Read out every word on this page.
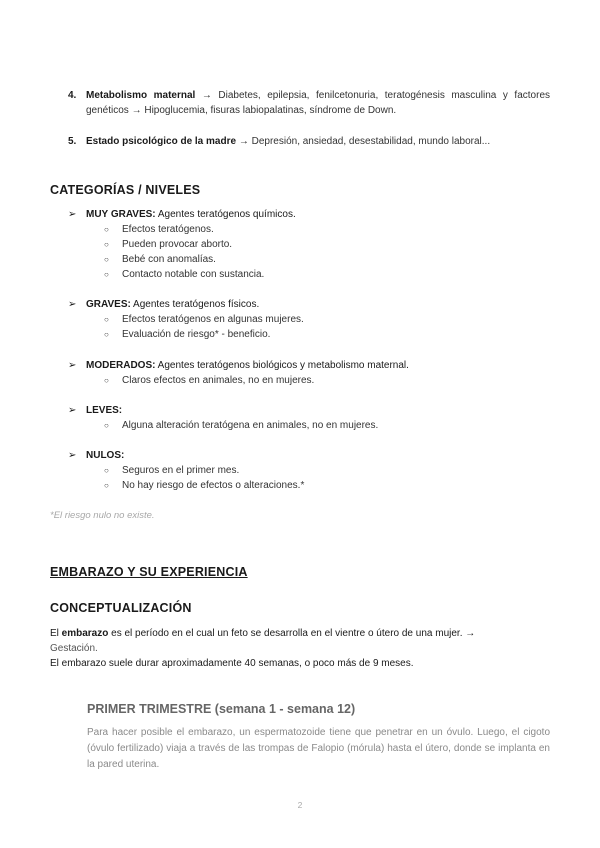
4. Metabolismo maternal → Diabetes, epilepsia, fenilcetonuria, teratogénesis masculina y factores genéticos → Hipoglucemia, fisuras labiopalatinas, síndrome de Down.
5. Estado psicológico de la madre → Depresión, ansiedad, desestabilidad, mundo laboral...
CATEGORÍAS / NIVELES
➢ MUY GRAVES: Agentes teratógenos químicos.
○ Efectos teratógenos.
○ Pueden provocar aborto.
○ Bebé con anomalías.
○ Contacto notable con sustancia.
➢ GRAVES: Agentes teratógenos físicos.
○ Efectos teratógenos en algunas mujeres.
○ Evaluación de riesgo* - beneficio.
➢ MODERADOS: Agentes teratógenos biológicos y metabolismo maternal.
○ Claros efectos en animales, no en mujeres.
➢ LEVES:
○ Alguna alteración teratógena en animales, no en mujeres.
➢ NULOS:
○ Seguros en el primer mes.
○ No hay riesgo de efectos o alteraciones.*
*El riesgo nulo no existe.
EMBARAZO Y SU EXPERIENCIA
CONCEPTUALIZACIÓN
El embarazo es el período en el cual un feto se desarrolla en el vientre o útero de una mujer. →
Gestación.
El embarazo suele durar aproximadamente 40 semanas, o poco más de 9 meses.
PRIMER TRIMESTRE (semana 1 - semana 12)
Para hacer posible el embarazo, un espermatozoide tiene que penetrar en un óvulo. Luego, el cigoto (óvulo fertilizado) viaja a través de las trompas de Falopio (mórula) hasta el útero, donde se implanta en la pared uterina.
2
